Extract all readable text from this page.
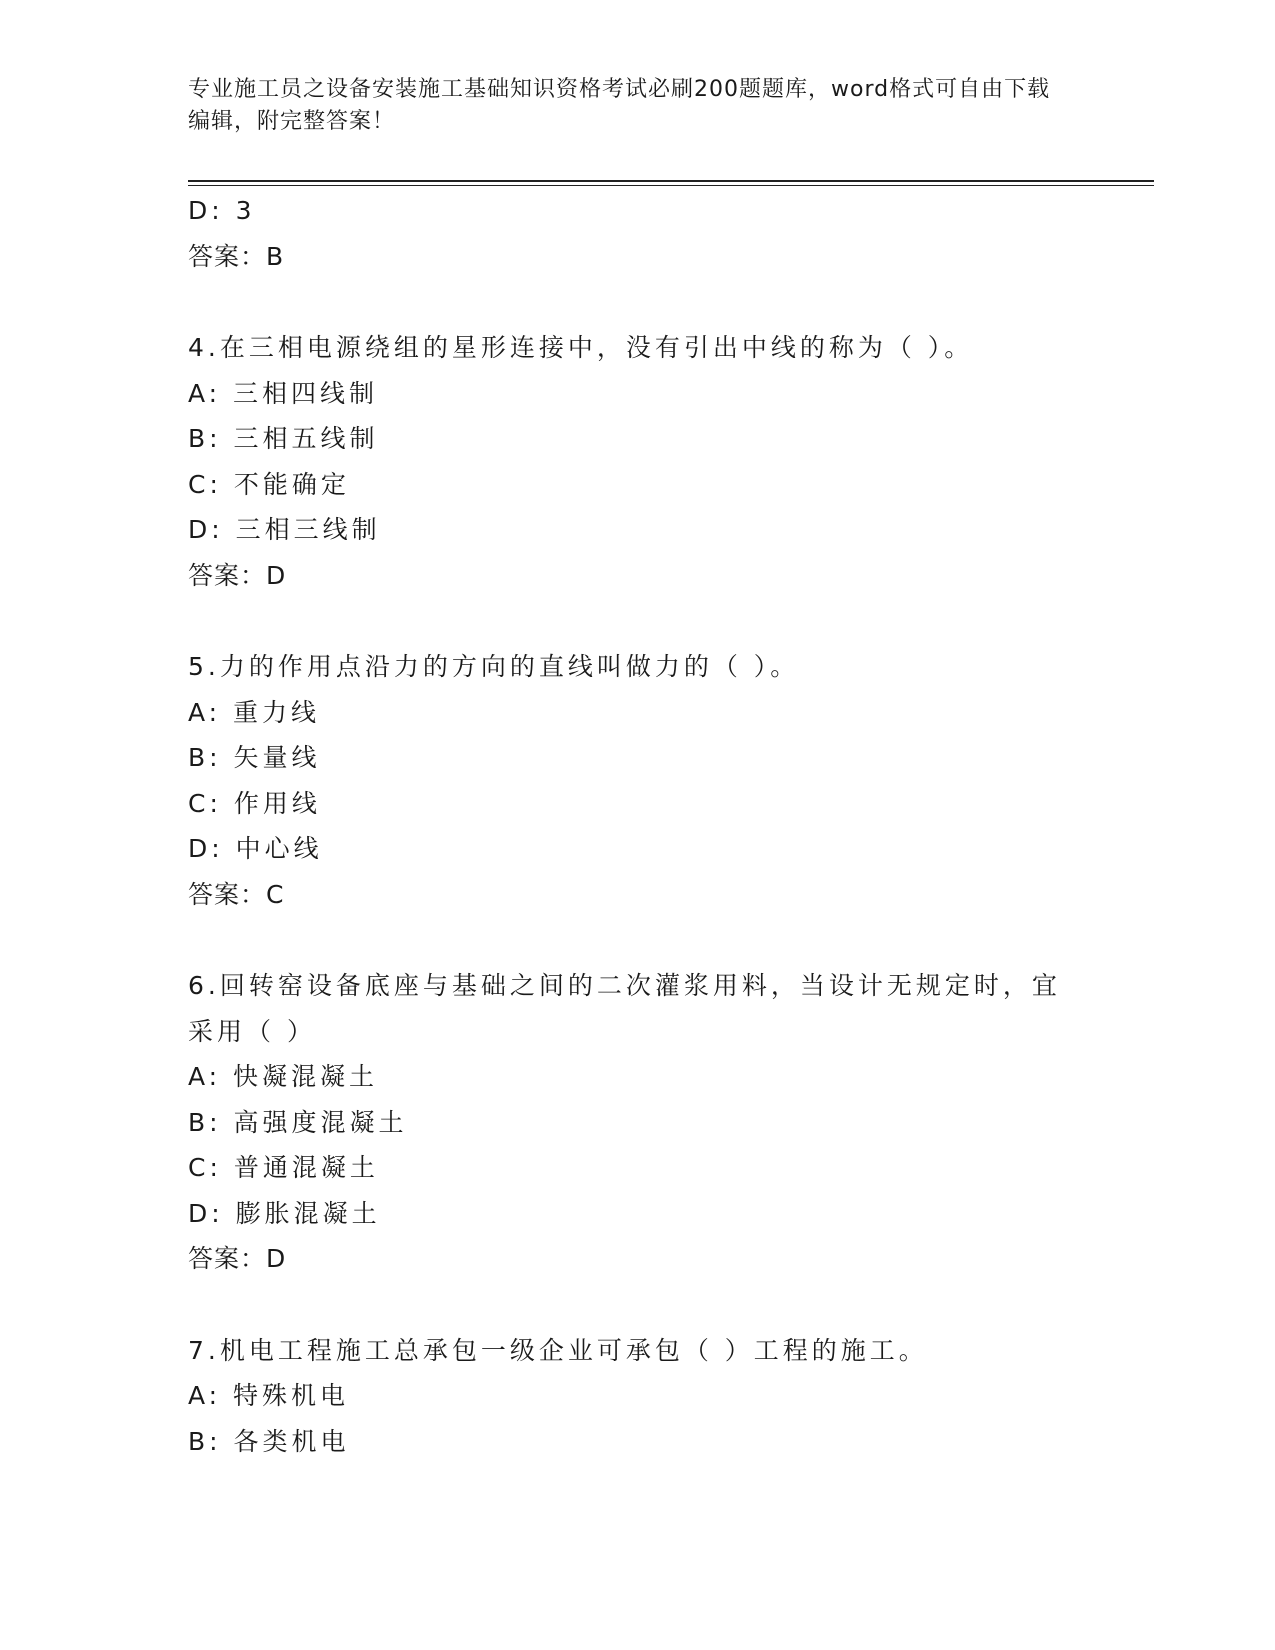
专业施工员之设备安装施工基础知识资格考试必刷200题题库，word格式可自由下载编辑，附完整答案！
D: 3
答案：B
4.在三相电源绕组的星形连接中，没有引出中线的称为（ ）。
A: 三相四线制
B: 三相五线制
C: 不能确定
D: 三相三线制
答案：D
5.力的作用点沿力的方向的直线叫做力的（ ）。
A: 重力线
B: 矢量线
C: 作用线
D: 中心线
答案：C
6.回转窑设备底座与基础之间的二次灌浆用料，当设计无规定时，宜
采用（ ）
A: 快凝混凝土
B: 高强度混凝土
C: 普通混凝土
D: 膨胀混凝土
答案：D
7.机电工程施工总承包一级企业可承包（ ）工程的施工。
A: 特殊机电
B: 各类机电
